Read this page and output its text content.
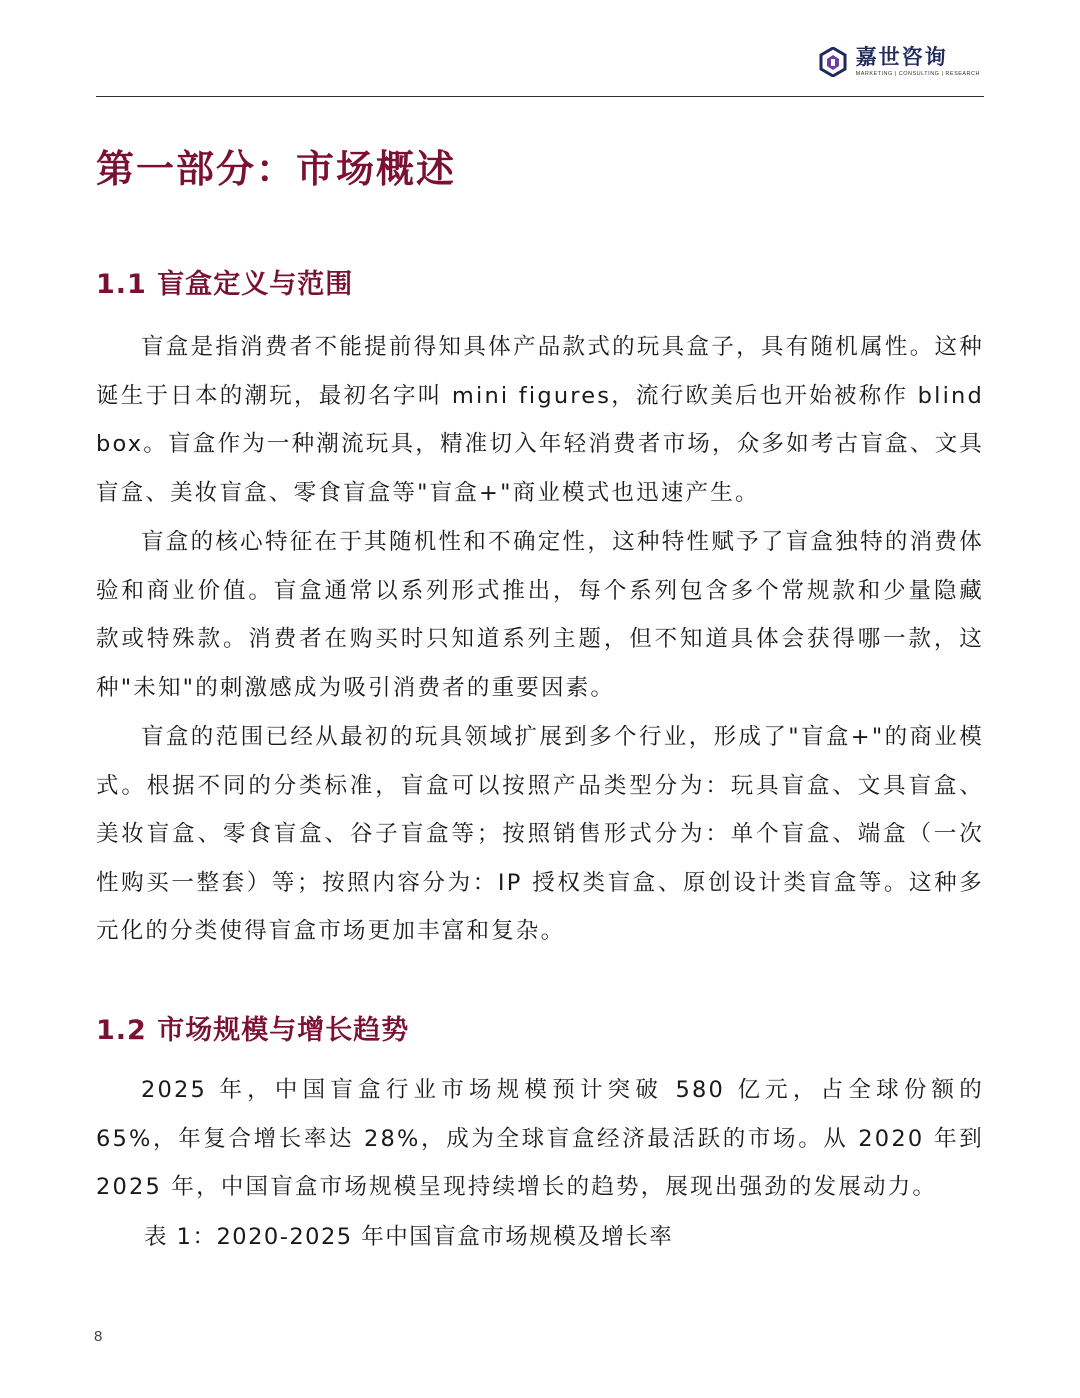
嘉世咨询
MARKETING | CONSULTING | RESEARCH
第一部分：市场概述
1.1 盲盒定义与范围

盲盒是指消费者不能提前得知具体产品款式的玩具盒子，具有随机属性。这种诞生于日本的潮玩，最初名字叫 mini figures，流行欧美后也开始被称作 blind box。盲盒作为一种潮流玩具，精准切入年轻消费者市场，众多如考古盲盒、文具盲盒、美妆盲盒、零食盲盒等"盲盒+"商业模式也迅速产生。

盲盒的核心特征在于其随机性和不确定性，这种特性赋予了盲盒独特的消费体验和商业价值。盲盒通常以系列形式推出，每个系列包含多个常规款和少量隐藏款或特殊款。消费者在购买时只知道系列主题，但不知道具体会获得哪一款，这种"未知"的刺激感成为吸引消费者的重要因素。

盲盒的范围已经从最初的玩具领域扩展到多个行业，形成了"盲盒+"的商业模式。根据不同的分类标准，盲盒可以按照产品类型分为：玩具盲盒、文具盲盒、美妆盲盒、零食盲盒、谷子盲盒等；按照销售形式分为：单个盲盒、端盒（一次性购买一整套）等；按照内容分为：IP 授权类盲盒、原创设计类盲盒等。这种多元化的分类使得盲盒市场更加丰富和复杂。

1.2 市场规模与增长趋势

2025 年，中国盲盒行业市场规模预计突破 580 亿元，占全球份额的 65%，年复合增长率达 28%，成为全球盲盒经济最活跃的市场。从 2020 年到 2025 年，中国盲盒市场规模呈现持续增长的趋势，展现出强劲的发展动力。

表 1：2020-2025 年中国盲盒市场规模及增长率

8
